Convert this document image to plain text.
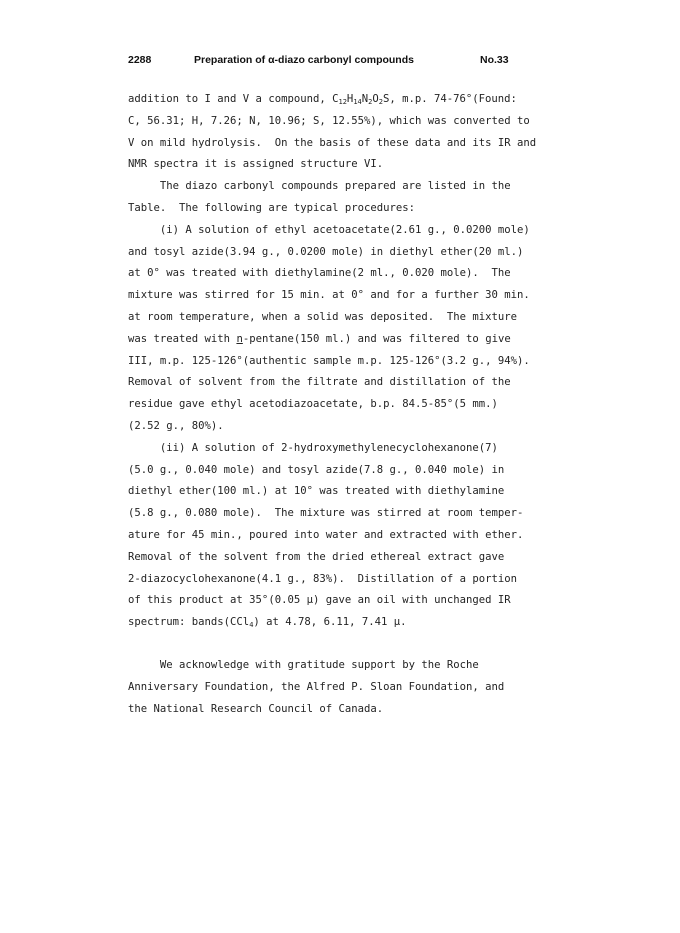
2288	Preparation of α-diazo carbonyl compounds	No.33
addition to I and V a compound, $C_{12}H_{14}N_2O_2S$, m.p. 74-76°(Found:
C, 56.31; H, 7.26; N, 10.96; S, 12.55%), which was converted to
V on mild hydrolysis.  On the basis of these data and its IR and
NMR spectra it is assigned structure VI.
The diazo carbonyl compounds prepared are listed in the
Table.  The following are typical procedures:
(i) A solution of ethyl acetoacetate(2.61 g., 0.0200 mole)
and tosyl azide(3.94 g., 0.0200 mole) in diethyl ether(20 ml.)
at 0° was treated with diethylamine(2 ml., 0.020 mole).  The
mixture was stirred for 15 min. at 0° and for a further 30 min.
at room temperature, when a solid was deposited.  The mixture
was treated with n-pentane(150 ml.) and was filtered to give
III, m.p. 125-126°(authentic sample m.p. 125-126°(3.2 g., 94%).
Removal of solvent from the filtrate and distillation of the
residue gave ethyl acetodiazoacetate, b.p. 84.5-85°(5 mm.)
(2.52 g., 80%).
(ii) A solution of 2-hydroxymethylenecyclohexanone(7)
(5.0 g., 0.040 mole) and tosyl azide(7.8 g., 0.040 mole) in
diethyl ether(100 ml.) at 10° was treated with diethylamine
(5.8 g., 0.080 mole).  The mixture was stirred at room temper-
ature for 45 min., poured into water and extracted with ether.
Removal of the solvent from the dried ethereal extract gave
2-diazocyclohexanone(4.1 g., 83%).  Distillation of a portion
of this product at 35°(0.05 μ) gave an oil with unchanged IR
spectrum: bands(CCl$_4$) at 4.78, 6.11, 7.41 μ.
We acknowledge with gratitude support by the Roche
Anniversary Foundation, the Alfred P. Sloan Foundation, and
the National Research Council of Canada.
